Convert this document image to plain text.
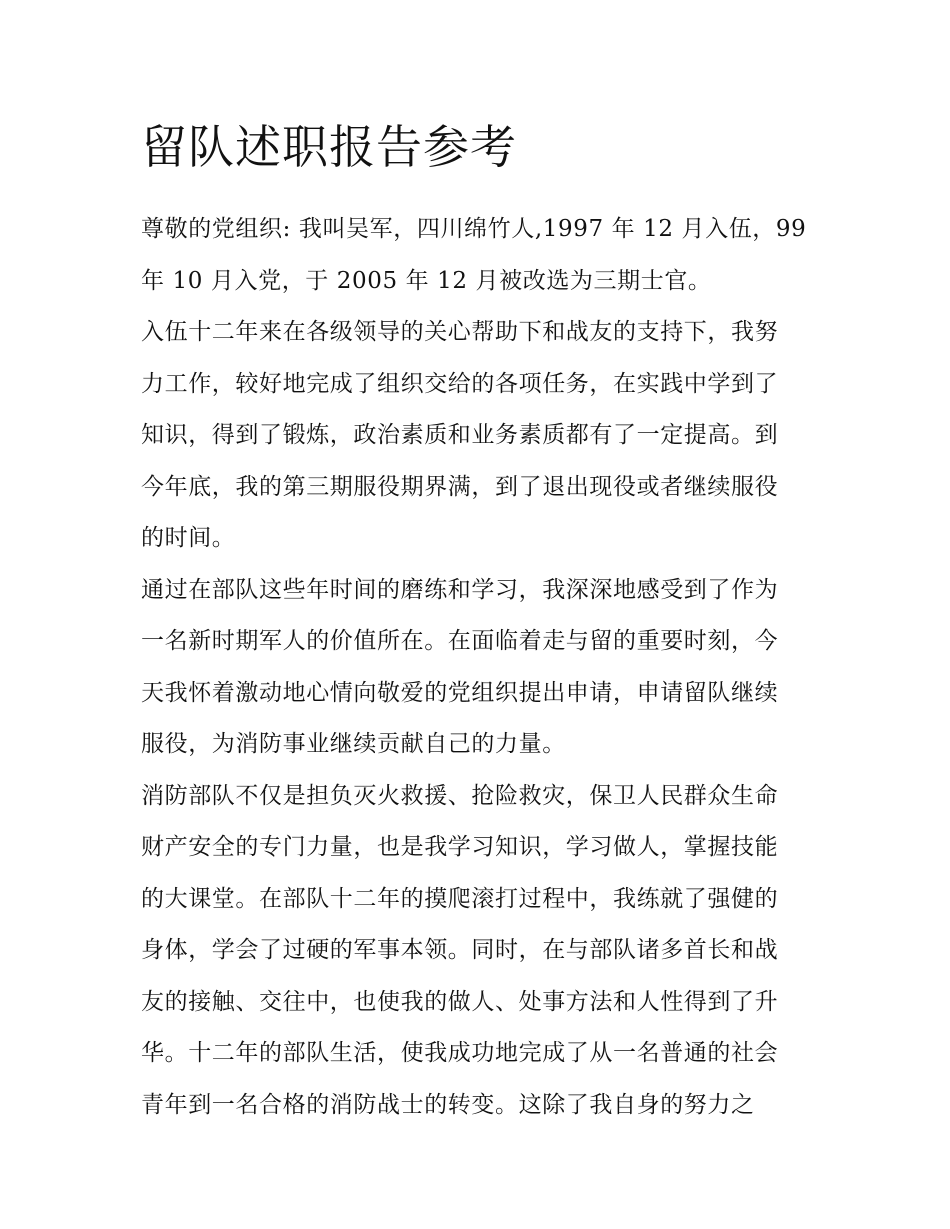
留队述职报告参考

尊敬的党组织: 我叫吴军，四川绵竹人,1997 年 12 月入伍，99
年 10 月入党，于 2005 年 12 月被改选为三期士官。

入伍十二年来在各级领导的关心帮助下和战友的支持下，我努
力工作，较好地完成了组织交给的各项任务，在实践中学到了
知识，得到了锻炼，政治素质和业务素质都有了一定提高。到
今年底，我的第三期服役期界满，到了退出现役或者继续服役
的时间。

通过在部队这些年时间的磨练和学习，我深深地感受到了作为
一名新时期军人的价值所在。在面临着走与留的重要时刻，今
天我怀着激动地心情向敬爱的党组织提出申请，申请留队继续
服役，为消防事业继续贡献自己的力量。

消防部队不仅是担负灭火救援、抢险救灾，保卫人民群众生命
财产安全的专门力量，也是我学习知识，学习做人，掌握技能
的大课堂。在部队十二年的摸爬滚打过程中，我练就了强健的
身体，学会了过硬的军事本领。同时，在与部队诸多首长和战
友的接触、交往中，也使我的做人、处事方法和人性得到了升
华。十二年的部队生活，使我成功地完成了从一名普通的社会
青年到一名合格的消防战士的转变。这除了我自身的努力之
